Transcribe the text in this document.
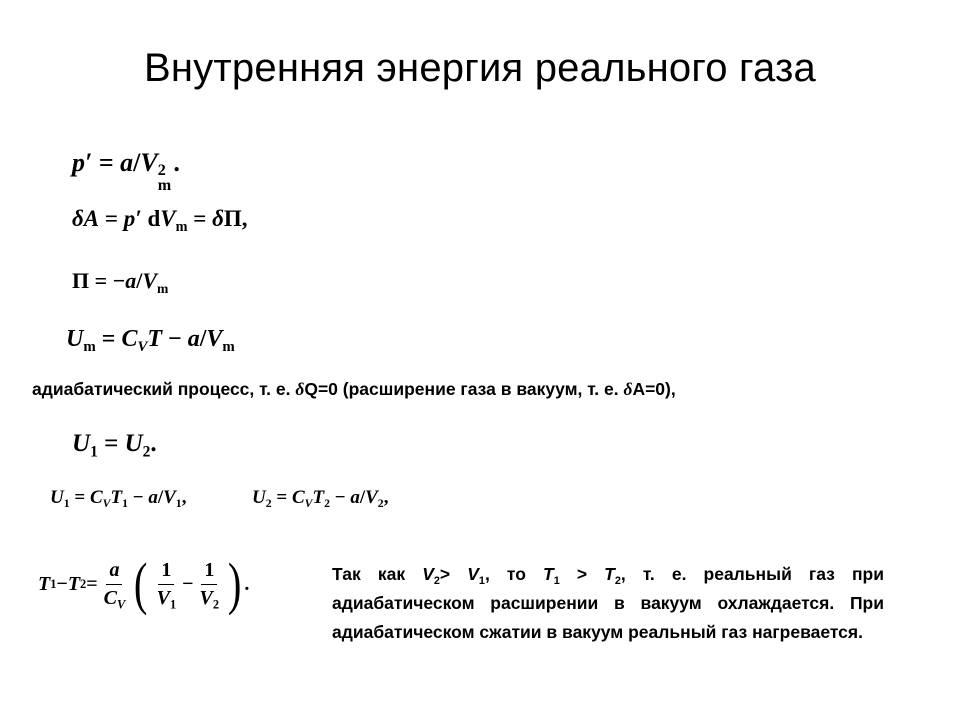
Внутренняя энергия реального газа
p′ = a/V 2
m
.
δA = p′ $dV_m = \delta\Pi$,
$\Pi = -a/V_m$
$U_m = C_VT - a/V_m$
адиабатический процесс, т. е. δQ=0 (расширение газа в вакуум, т. е. δA=0),
$U_1 = U_2$.
$U_1 = C_VT_1 - a/V_1$,	$U_2 = C_VT_2 - a/V_2$,
T 1 − T $2 = \frac{a}{C_V}$ ( $\frac{1}{V_1} - \frac{1}{V_2}$ ) .	Так как $V_2> V_1$, то $T_1 > T_2$, т. е. реальный газ при адиабатическом расширении в вакуум охлаждается. При адиабатическом сжатии в вакуум реальный газ нагревается.
